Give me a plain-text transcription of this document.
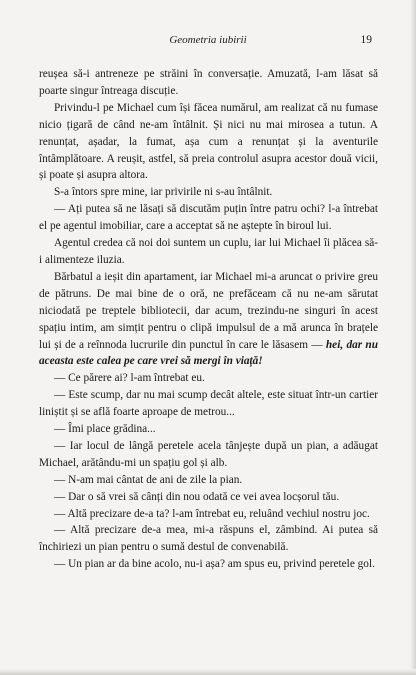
Geometria iubirii	19

reușea să-i antreneze pe străini în conversație. Amuzată, l-am lăsat să poarte singur întreaga discuție.

Privindu-l pe Michael cum își făcea numărul, am realizat că nu fumase nicio țigară de când ne-am întâlnit. Și nici nu mai mirosea a tutun. A renunțat, așadar, la fumat, așa cum a renunțat și la aventurile întâmplătoare. A reușit, astfel, să preia controlul asupra acestor două vicii, și poate și asupra altora.

S-a întors spre mine, iar privirile ni s-au întâlnit.

— Ați putea să ne lăsați să discutăm puțin între patru ochi? l-a întrebat el pe agentul imobiliar, care a acceptat să ne aștepte în biroul lui.

Agentul credea că noi doi suntem un cuplu, iar lui Michael îi plăcea să-i alimenteze iluzia.

Bărbatul a ieșit din apartament, iar Michael mi-a aruncat o privire greu de pătruns. De mai bine de o oră, ne prefăceam că nu ne-am sărutat niciodată pe treptele bibliotecii, dar acum, trezindu-ne singuri în acest spațiu intim, am simțit pentru o clipă impulsul de a mă arunca în brațele lui și de a reînnoda lucrurile din punctul în care le lăsasem — hei, dar nu aceasta este calea pe care vrei să mergi în viață!

— Ce părere ai? l-am întrebat eu.

— Este scump, dar nu mai scump decât altele, este situat într-un cartier liniștit și se află foarte aproape de metrou...

— Îmi place grădina...

— Iar locul de lângă peretele acela tânjește după un pian, a adăugat Michael, arătându-mi un spațiu gol și alb.

— N-am mai cântat de ani de zile la pian.

— Dar o să vrei să cânți din nou odată ce vei avea locșorul tău.

— Altă precizare de-a ta? l-am întrebat eu, reluând vechiul nostru joc.

— Altă precizare de-a mea, mi-a răspuns el, zâmbind. Ai putea să închiriezi un pian pentru o sumă destul de convenabilă.

— Un pian ar da bine acolo, nu-i așa? am spus eu, privind peretele gol.
